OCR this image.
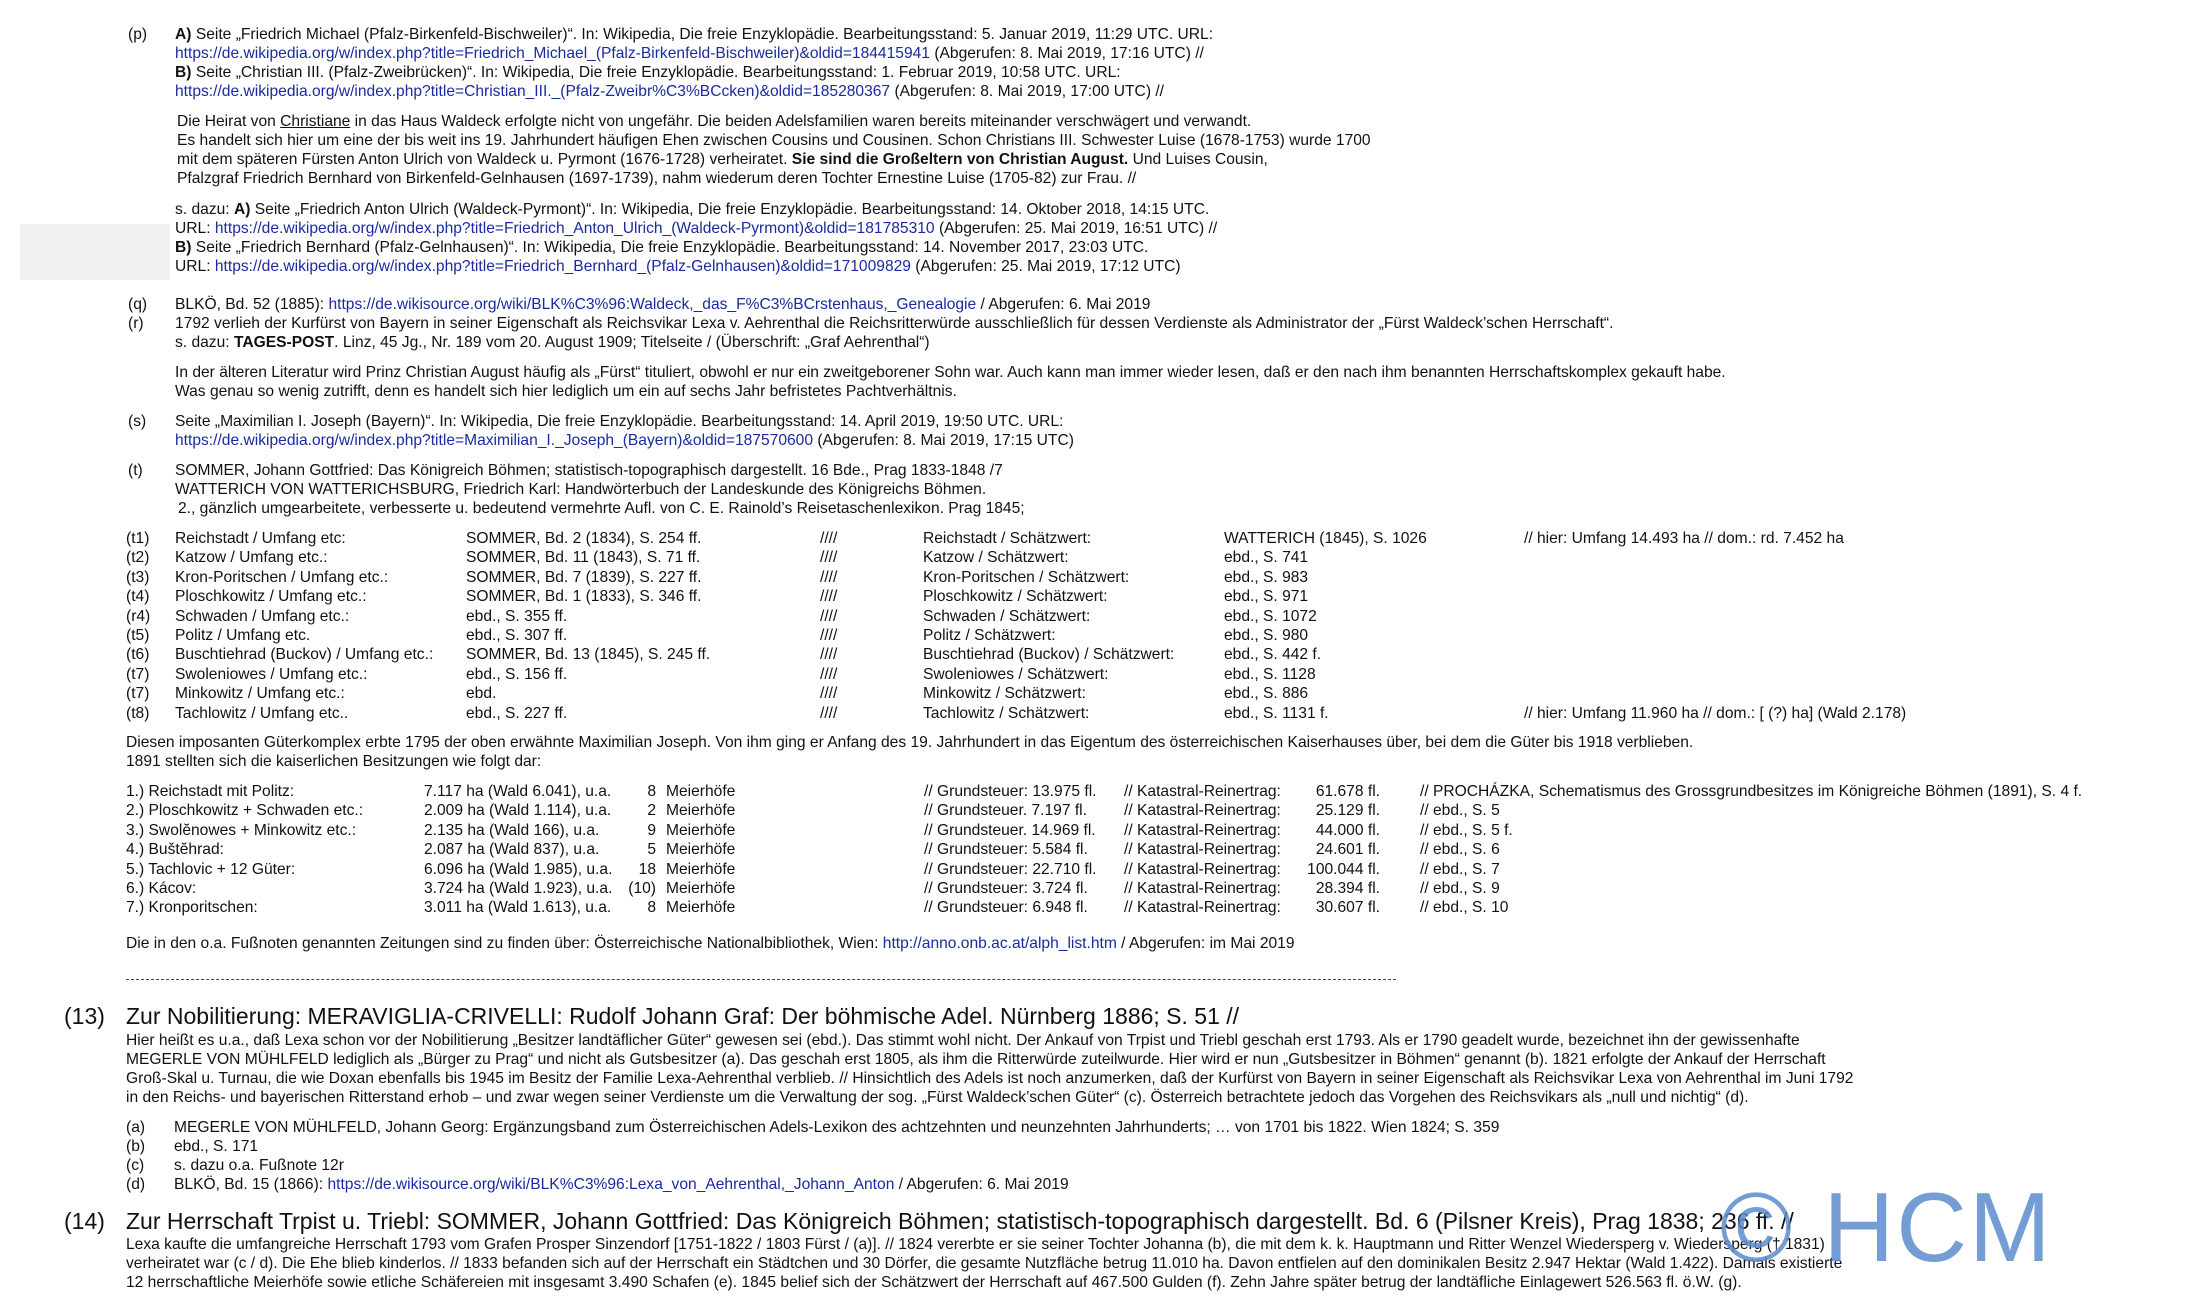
(p) A) Seite „Friedrich Michael (Pfalz-Birkenfeld-Bischweiler)“. In: Wikipedia, Die freie Enzyklopädie. Bearbeitungsstand: 5. Januar 2019, 11:29 UTC. URL:
https://de.wikipedia.org/w/index.php?title=Friedrich_Michael_(Pfalz-Birkenfeld-Bischweiler)&oldid=184415941 (Abgerufen: 8. Mai 2019, 17:16 UTC) //
B) Seite „Christian III. (Pfalz-Zweibrücken)“. In: Wikipedia, Die freie Enzyklopädie. Bearbeitungsstand: 1. Februar 2019, 10:58 UTC. URL:
https://de.wikipedia.org/w/index.php?title=Christian_III._(Pfalz-Zweibr%C3%BCcken)&oldid=185280367 (Abgerufen: 8. Mai 2019, 17:00 UTC) //
Die Heirat von Christiane in das Haus Waldeck erfolgte nicht von ungefähr. Die beiden Adelsfamilien waren bereits miteinander verschwägert und verwandt.
Es handelt sich hier um eine der bis weit ins 19. Jahrhundert häufigen Ehen zwischen Cousins und Cousinen. Schon Christians III. Schwester Luise (1678-1753) wurde 1700
mit dem späteren Fürsten Anton Ulrich von Waldeck u. Pyrmont (1676-1728) verheiratet. Sie sind die Großeltern von Christian August. Und Luises Cousin,
Pfalzgraf Friedrich Bernhard von Birkenfeld-Gelnhausen (1697-1739), nahm wiederum deren Tochter Ernestine Luise (1705-82) zur Frau. //
s. dazu: A) Seite „Friedrich Anton Ulrich (Waldeck-Pyrmont)“. In: Wikipedia, Die freie Enzyklopädie. Bearbeitungsstand: 14. Oktober 2018, 14:15 UTC.
URL: https://de.wikipedia.org/w/index.php?title=Friedrich_Anton_Ulrich_(Waldeck-Pyrmont)&oldid=181785310 (Abgerufen: 25. Mai 2019, 16:51 UTC) //
B) Seite „Friedrich Bernhard (Pfalz-Gelnhausen)“. In: Wikipedia, Die freie Enzyklopädie. Bearbeitungsstand: 14. November 2017, 23:03 UTC.
URL: https://de.wikipedia.org/w/index.php?title=Friedrich_Bernhard_(Pfalz-Gelnhausen)&oldid=171009829 (Abgerufen: 25. Mai 2019, 17:12 UTC)
(q) BLKÖ, Bd. 52 (1885): https://de.wikisource.org/wiki/BLK%C3%96:Waldeck,_das_F%C3%BCrstenhaus,_Genealogie / Abgerufen: 6. Mai 2019
(r) 1792 verlieh der Kurfürst von Bayern in seiner Eigenschaft als Reichsvikar Lexa v. Aehrenthal die Reichsritterwürde ausschließlich für dessen Verdienste als Administrator der „Fürst Waldeck’schen Herrschaft“.
s. dazu: TAGES-POST. Linz, 45 Jg., Nr. 189 vom 20. August 1909; Titelseite / (Überschrift: „Graf Aehrenthal“)
In der älteren Literatur wird Prinz Christian August häufig als „Fürst“ tituliert, obwohl er nur ein zweitgeborener Sohn war. Auch kann man immer wieder lesen, daß er den nach ihm benannten Herrschaftskomplex gekauft habe.
Was genau so wenig zutrifft, denn es handelt sich hier lediglich um ein auf sechs Jahr befristetes Pachtverhältnis.
(s) Seite „Maximilian I. Joseph (Bayern)“. In: Wikipedia, Die freie Enzyklopädie. Bearbeitungsstand: 14. April 2019, 19:50 UTC. URL:
https://de.wikipedia.org/w/index.php?title=Maximilian_I._Joseph_(Bayern)&oldid=187570600 (Abgerufen: 8. Mai 2019, 17:15 UTC)
(t) SOMMER, Johann Gottfried: Das Königreich Böhmen; statistisch-topographisch dargestellt. 16 Bde., Prag 1833-1848 /7
WATTERICH VON WATTERICHSBURG, Friedrich Karl: Handwörterbuch der Landeskunde des Königreichs Böhmen.
2., gänzlich umgearbeitete, verbesserte u. bedeutend vermehrte Aufl. von C. E. Rainold’s Reisetaschenlexikon. Prag 1845;
(t1) Reichstadt / Umfang etc:	SOMMER, Bd. 2 (1834), S. 254 ff.	////	Reichstadt / Schätzwert:	WATTERICH (1845), S. 1026	// hier: Umfang 14.493 ha // dom.: rd. 7.452 ha
(t2) Katzow / Umfang etc.:	SOMMER, Bd. 11 (1843), S. 71 ff.	////	Katzow / Schätzwert:	ebd., S. 741
(t3) Kron-Poritschen / Umfang etc.:	SOMMER, Bd. 7 (1839), S. 227 ff.	////	Kron-Poritschen / Schätzwert:	ebd., S. 983
(t4) Ploschkowitz / Umfang etc.:	SOMMER, Bd. 1 (1833), S. 346 ff.	////	Ploschkowitz / Schätzwert:	ebd., S. 971
(r4) Schwaden / Umfang etc.:	ebd., S. 355 ff.	////	Schwaden / Schätzwert:	ebd., S. 1072
(t5) Politz / Umfang etc.	ebd., S. 307 ff.	////	Politz / Schätzwert:	ebd., S. 980
(t6) Buschtiehrad (Buckov) / Umfang etc.: SOMMER, Bd. 13 (1845), S. 245 ff.	////	Buschtiehrad (Buckov) / Schätzwert:	ebd., S. 442 f.
(t7) Swoleniowes / Umfang etc.:	ebd., S. 156 ff.	////	Swoleniowes / Schätzwert:	ebd., S. 1128
(t7) Minkowitz / Umfang etc.:	ebd.	////	Minkowitz / Schätzwert:	ebd., S. 886
(t8) Tachlowitz / Umfang etc..	ebd., S. 227 ff.	////	Tachlowitz / Schätzwert:	ebd., S. 1131 f.	// hier: Umfang 11.960 ha // dom.: [ (?) ha] (Wald 2.178)
Diesen imposanten Güterkomplex erbte 1795 der oben erwähnte Maximilian Joseph. Von ihm ging er Anfang des 19. Jahrhundert in das Eigentum des österreichischen Kaiserhauses über, bei dem die Güter bis 1918 verblieben.
1891 stellten sich die kaiserlichen Besitzungen wie folgt dar:
1.) Reichstadt mit Politz:	7.117 ha (Wald 6.041), u.a.	8 Meierhöfe	// Grundsteuer: 13.975 fl. // Katastral-Reinertrag:	61.678 fl.	// PROCHÁZKA, Schematismus des Grossgrundbesitzes im Königreiche Böhmen (1891), S. 4 f.
2.) Ploschkowitz + Schwaden etc.:	2.009 ha (Wald 1.114), u.a.	2 Meierhöfe	// Grundsteuer. 7.197 fl. // Katastral-Reinertrag:	25.129 fl.	// ebd., S. 5
3.) Swolĕnowes + Minkowitz etc.:	2.135 ha (Wald 166), u.a.	9 Meierhöfe	// Grundsteuer. 14.969 fl. // Katastral-Reinertrag:	44.000 fl.	// ebd., S. 5 f.
4.) Buštĕhrad:	2.087 ha (Wald 837), u.a.	5 Meierhöfe	// Grundsteuer: 5.584 fl. // Katastral-Reinertrag:	24.601 fl.	// ebd., S. 6
5.) Tachlovic + 12 Güter:	6.096 ha (Wald 1.985), u.a.	18 Meierhöfe	// Grundsteuer: 22.710 fl. // Katastral-Reinertrag:	100.044 fl.	// ebd., S. 7
6.) Kácov:	3.724 ha (Wald 1.923), u.a.	(10) Meierhöfe	// Grundsteuer: 3.724 fl. // Katastral-Reinertrag:	28.394 fl.	// ebd., S. 9
7.) Kronporitschen:	3.011 ha (Wald 1.613), u.a.	8 Meierhöfe	// Grundsteuer: 6.948 fl. // Katastral-Reinertrag:	30.607 fl.	// ebd., S. 10
Die in den o.a. Fußnoten genannten Zeitungen sind zu finden über: Österreichische Nationalbibliothek, Wien: http://anno.onb.ac.at/alph_list.htm / Abgerufen: im Mai 2019
(13) Zur Nobilitierung: MERAVIGLIA-CRIVELLI: Rudolf Johann Graf: Der böhmische Adel. Nürnberg 1886; S. 51 //
Hier heißt es u.a., daß Lexa schon vor der Nobilitierung „Besitzer landtäflicher Güter“ gewesen sei (ebd.). Das stimmt wohl nicht. Der Ankauf von Trpist und Triebl geschah erst 1793. Als er 1790 geadelt wurde, bezeichnet ihn der gewissenhafte
MEGERLE VON MÜHLFELD lediglich als „Bürger zu Prag“ und nicht als Gutsbesitzer (a). Das geschah erst 1805, als ihm die Ritterwürde zuteilwurde. Hier wird er nun „Gutsbesitzer in Böhmen“ genannt (b). 1821 erfolgte der Ankauf der Herrschaft
Groß-Skal u. Turnau, die wie Doxan ebenfalls bis 1945 im Besitz der Familie Lexa-Aehrenthal verblieb. // Hinsichtlich des Adels ist noch anzumerken, daß der Kurfürst von Bayern in seiner Eigenschaft als Reichsvikar Lexa von Aehrenthal im Juni 1792
in den Reichs- und bayerischen Ritterstand erhob – und zwar wegen seiner Verdienste um die Verwaltung der sog. „Fürst Waldeck’schen Güter“ (c). Österreich betrachtete jedoch das Vorgehen des Reichsvikars als „null und nichtig“ (d).
(a) MEGERLE VON MÜHLFELD, Johann Georg: Ergänzungsband zum Österreichischen Adels-Lexikon des achtzehnten und neunzehnten Jahrhunderts; … von 1701 bis 1822. Wien 1824; S. 359
(b) ebd., S. 171
(c) s. dazu o.a. Fußnote 12r
(d) BLKÖ, Bd. 15 (1866): https://de.wikisource.org/wiki/BLK%C3%96:Lexa_von_Aehrenthal,_Johann_Anton / Abgerufen: 6. Mai 2019
(14) Zur Herrschaft Trpist u. Triebl: SOMMER, Johann Gottfried: Das Königreich Böhmen; statistisch-topographisch dargestellt. Bd. 6 (Pilsner Kreis), Prag 1838; 236 ff. //
Lexa kaufte die umfangreiche Herrschaft 1793 vom Grafen Prosper Sinzendorf [1751-1822 / 1803 Fürst / (a)]. // 1824 vererbte er sie seiner Tochter Johanna (b), die mit dem k. k. Hauptmann und Ritter Wenzel Wiedersperg v. Wiedersperg († 1831)
verheiratet war (c / d). Die Ehe blieb kinderlos. // 1833 befanden sich auf der Herrschaft ein Städtchen und 30 Dörfer, die gesamte Nutzfläche betrug 11.010 ha. Davon entfielen auf den dominikalen Besitz 2.947 Hektar (Wald 1.422). Damals existierte
12 herrschaftliche Meierhöfe sowie etliche Schäfereien mit insgesamt 3.490 Schafen (e). 1845 belief sich der Schätzwert der Herrschaft auf 467.500 Gulden (f). Zehn Jahre später betrug der landtäfliche Einlagewert 526.563 fl. ö.W. (g).
© HCM
